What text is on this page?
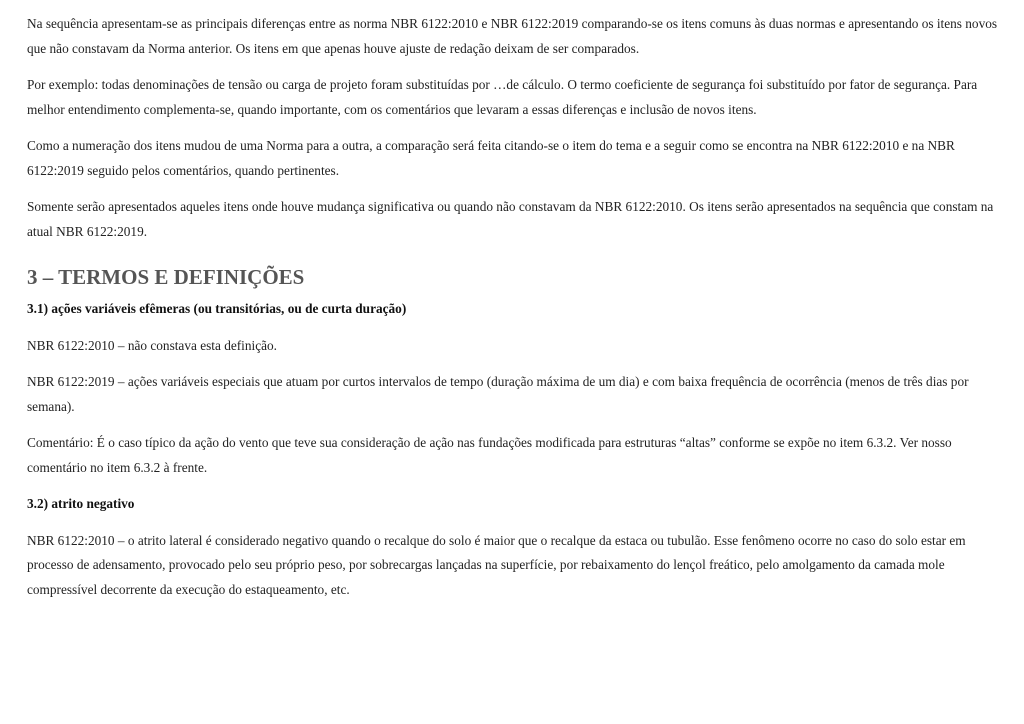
Na sequência apresentam-se as principais diferenças entre as norma NBR 6122:2010 e NBR 6122:2019 comparando-se os itens comuns às duas normas e apresentando os itens novos que não constavam da Norma anterior. Os itens em que apenas houve ajuste de redação deixam de ser comparados.

Por exemplo: todas denominações de tensão ou carga de projeto foram substituídas por …de cálculo. O termo coeficiente de segurança foi substituído por fator de segurança. Para melhor entendimento complementa-se, quando importante, com os comentários que levaram a essas diferenças e inclusão de novos itens.

Como a numeração dos itens mudou de uma Norma para a outra, a comparação será feita citando-se o item do tema e a seguir como se encontra na NBR 6122:2010 e na NBR 6122:2019 seguido pelos comentários, quando pertinentes.

Somente serão apresentados aqueles itens onde houve mudança significativa ou quando não constavam da NBR 6122:2010. Os itens serão apresentados na sequência que constam na atual NBR 6122:2019.

3 – TERMOS E DEFINIÇÕES
3.1) ações variáveis efêmeras (ou transitórias, ou de curta duração)

NBR 6122:2010 – não constava esta definição.

NBR 6122:2019 – ações variáveis especiais que atuam por curtos intervalos de tempo (duração máxima de um dia) e com baixa frequência de ocorrência (menos de três dias por semana).

Comentário: É o caso típico da ação do vento que teve sua consideração de ação nas fundações modificada para estruturas “altas” conforme se expõe no item 6.3.2. Ver nosso comentário no item 6.3.2 à frente.

3.2) atrito negativo

NBR 6122:2010 – o atrito lateral é considerado negativo quando o recalque do solo é maior que o recalque da estaca ou tubulão. Esse fenômeno ocorre no caso do solo estar em processo de adensamento, provocado pelo seu próprio peso, por sobrecargas lançadas na superfície, por rebaixamento do lençol freático, pelo amolgamento da camada mole compressível decorrente da execução do estaqueamento, etc.
